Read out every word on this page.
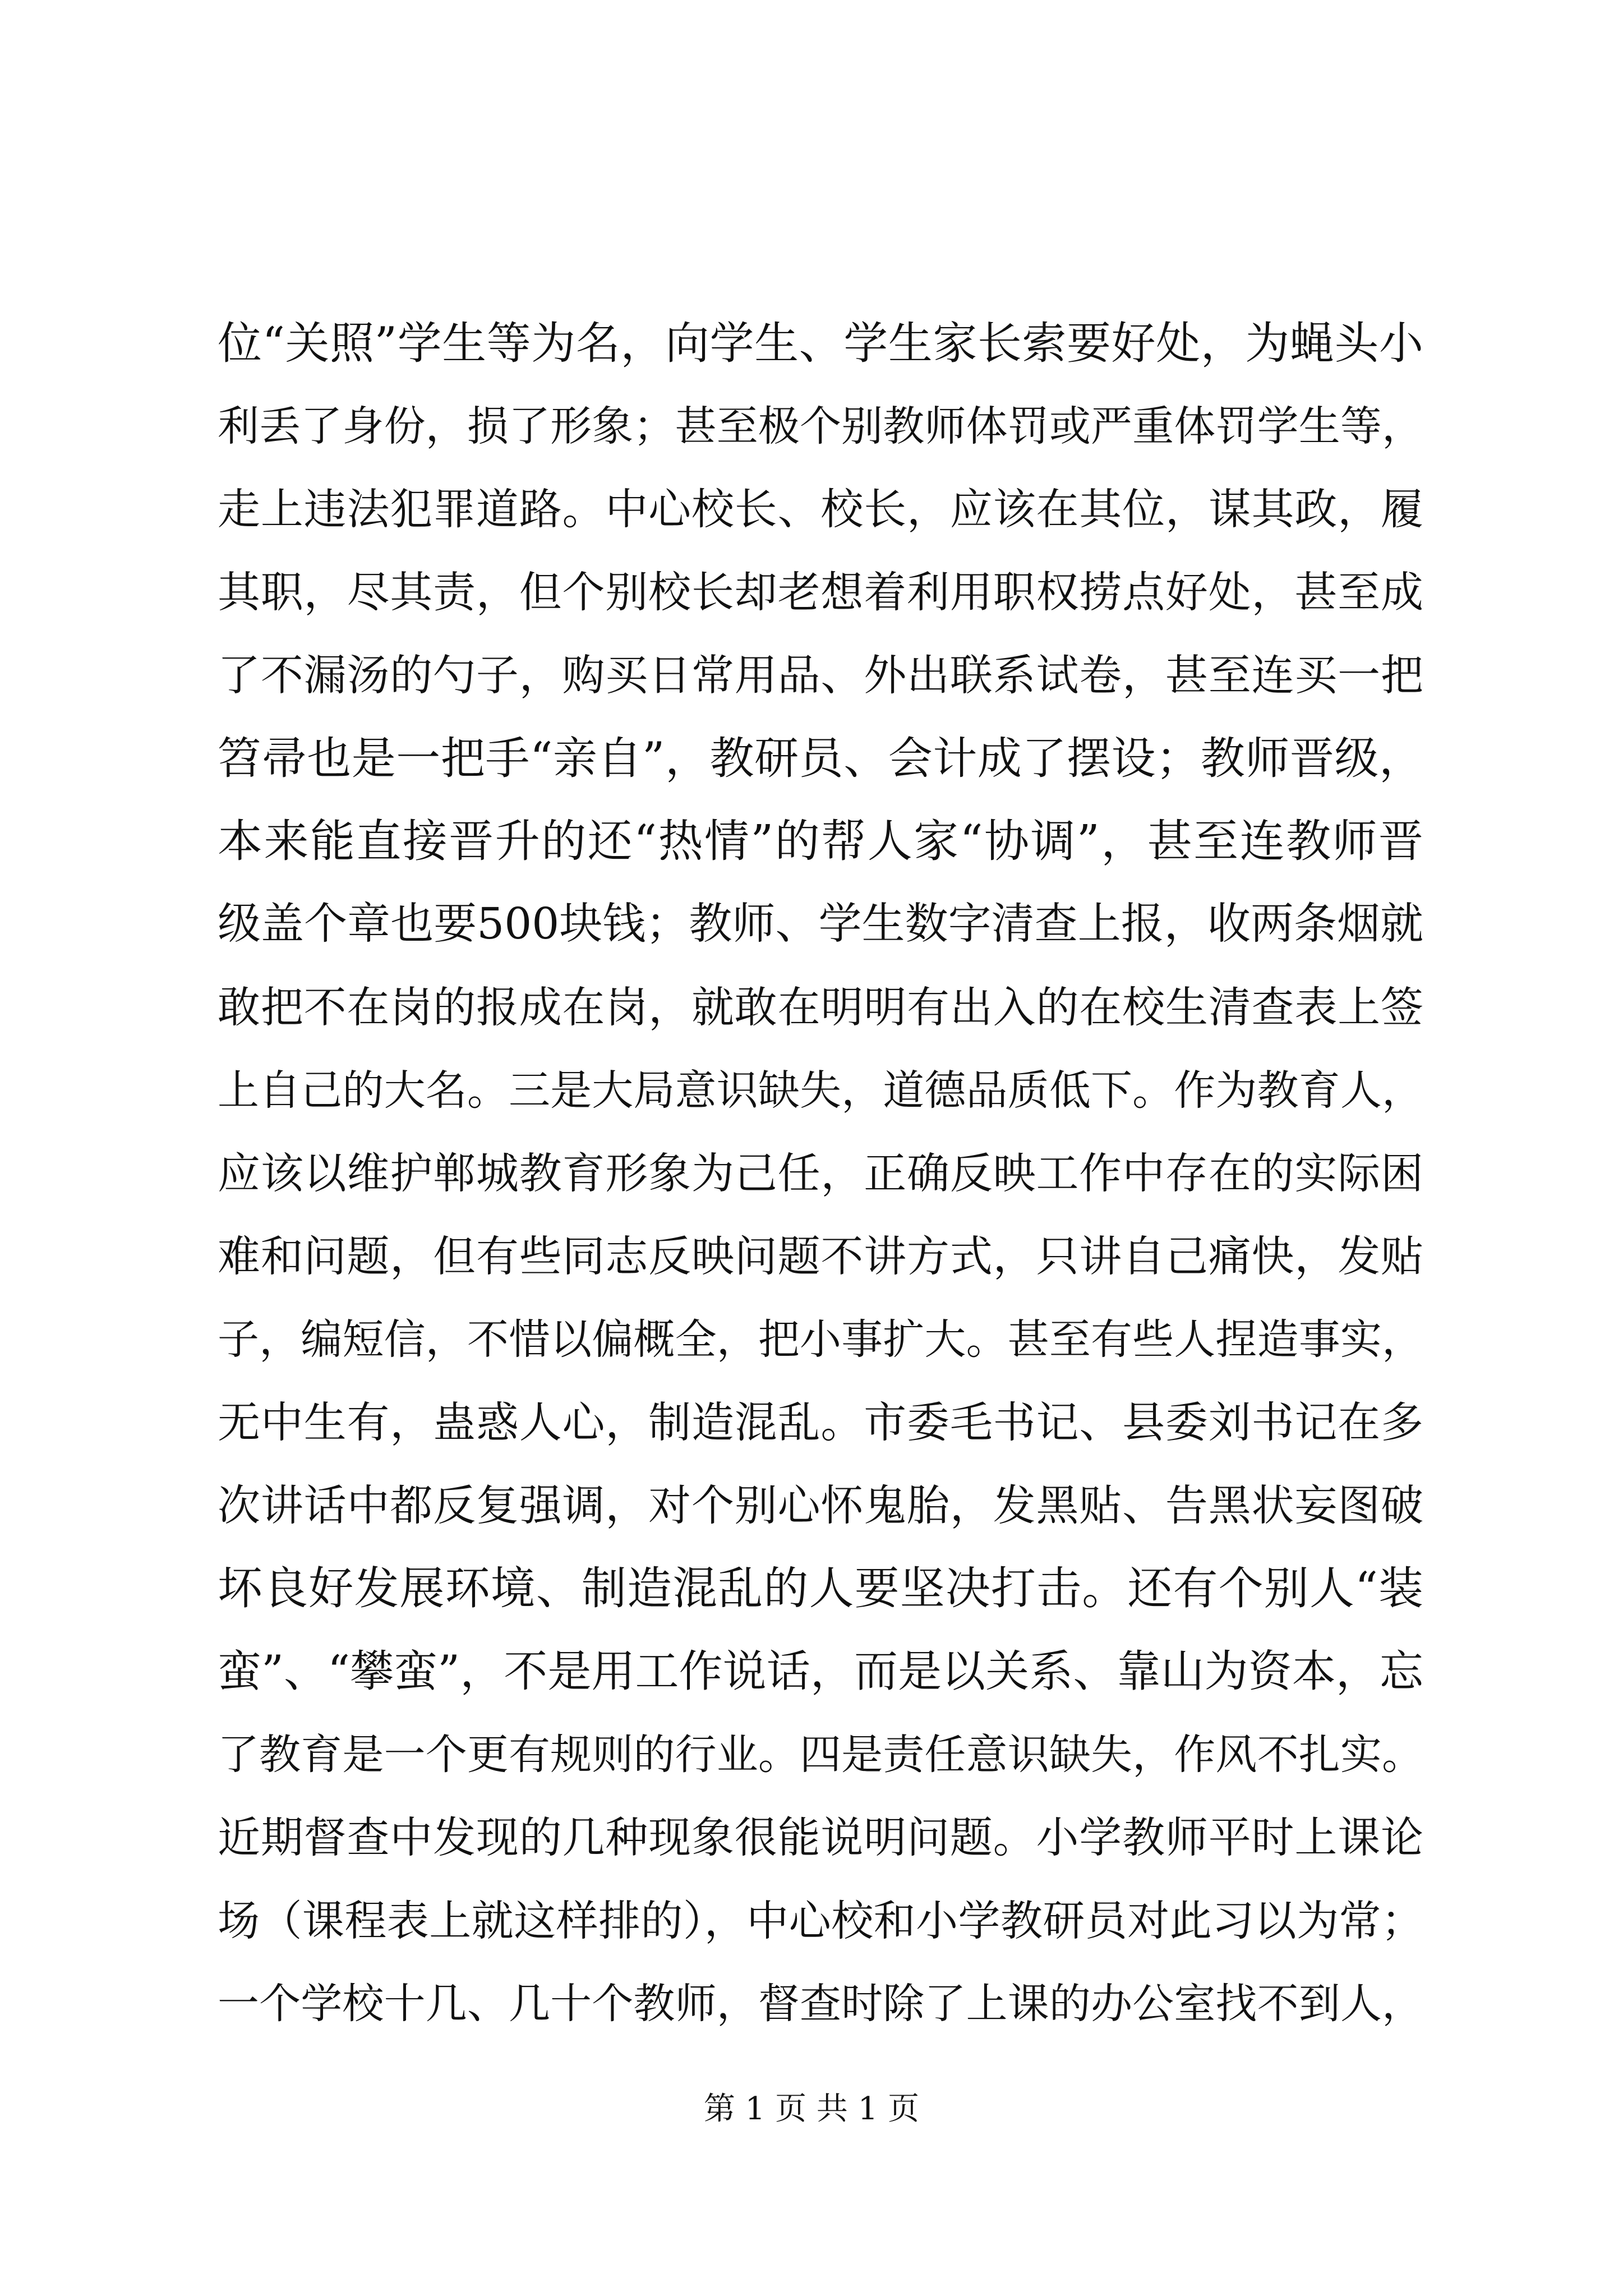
位“关照”学生等为名，向学生、学生家长索要好处，为蝇头小
利丢了身份，损了形象；甚至极个别教师体罚或严重体罚学生等，
走上违法犯罪道路。中心校长、校长，应该在其位，谋其政，履
其职，尽其责，但个别校长却老想着利用职权捞点好处，甚至成
了不漏汤的勺子，购买日常用品、外出联系试卷，甚至连买一把
笤帚也是一把手“亲自”，教研员、会计成了摆设；教师晋级，
本来能直接晋升的还“热情”的帮人家“协调”，甚至连教师晋
级盖个章也要500块钱；教师、学生数字清查上报，收两条烟就
敢把不在岗的报成在岗，就敢在明明有出入的在校生清查表上签
上自己的大名。三是大局意识缺失，道德品质低下。作为教育人，
应该以维护郸城教育形象为己任，正确反映工作中存在的实际困
难和问题，但有些同志反映问题不讲方式，只讲自己痛快，发贴
子，编短信，不惜以偏概全，把小事扩大。甚至有些人捏造事实，
无中生有，蛊惑人心，制造混乱。市委毛书记、县委刘书记在多
次讲话中都反复强调，对个别心怀鬼胎，发黑贴、告黑状妄图破
坏良好发展环境、制造混乱的人要坚决打击。还有个别人“装
蛮”、“攀蛮”，不是用工作说话，而是以关系、靠山为资本，忘
了教育是一个更有规则的行业。四是责任意识缺失，作风不扎实。
近期督查中发现的几种现象很能说明问题。小学教师平时上课论
场（课程表上就这样排的），中心校和小学教研员对此习以为常；
一个学校十几、几十个教师，督查时除了上课的办公室找不到人，
第 1 页 共 1 页
